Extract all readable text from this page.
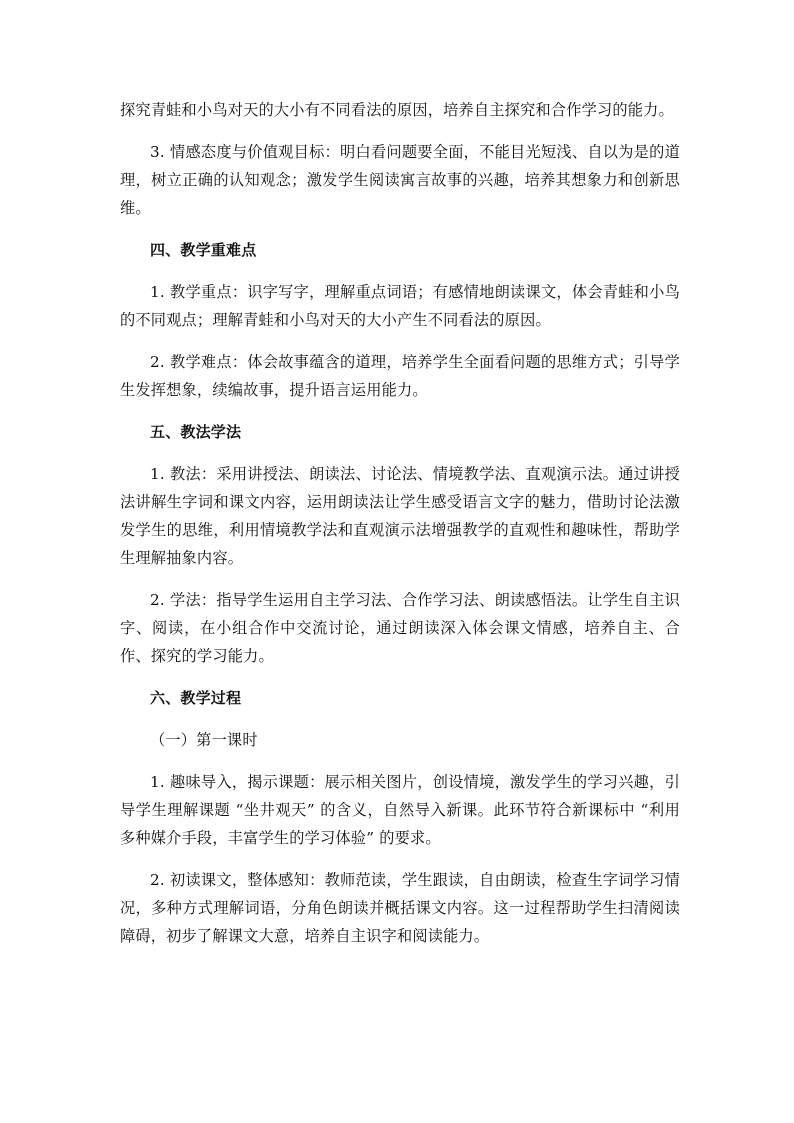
探究青蛙和小鸟对天的大小有不同看法的原因，培养自主探究和合作学习的能力。

3. 情感态度与价值观目标：明白看问题要全面，不能目光短浅、自以为是的道理，树立正确的认知观念；激发学生阅读寓言故事的兴趣，培养其想象力和创新思维。

四、教学重难点

1. 教学重点：识字写字，理解重点词语；有感情地朗读课文，体会青蛙和小鸟的不同观点；理解青蛙和小鸟对天的大小产生不同看法的原因。

2. 教学难点：体会故事蕴含的道理，培养学生全面看问题的思维方式；引导学生发挥想象，续编故事，提升语言运用能力。

五、教法学法

1. 教法：采用讲授法、朗读法、讨论法、情境教学法、直观演示法。通过讲授法讲解生字词和课文内容，运用朗读法让学生感受语言文字的魅力，借助讨论法激发学生的思维，利用情境教学法和直观演示法增强教学的直观性和趣味性，帮助学生理解抽象内容。

2. 学法：指导学生运用自主学习法、合作学习法、朗读感悟法。让学生自主识字、阅读，在小组合作中交流讨论，通过朗读深入体会课文情感，培养自主、合作、探究的学习能力。

六、教学过程

（一）第一课时

1. 趣味导入，揭示课题：展示相关图片，创设情境，激发学生的学习兴趣，引导学生理解课题 “坐井观天” 的含义，自然导入新课。此环节符合新课标中 “利用多种媒介手段，丰富学生的学习体验” 的要求。

2. 初读课文，整体感知：教师范读，学生跟读，自由朗读，检查生字词学习情况，多种方式理解词语，分角色朗读并概括课文内容。这一过程帮助学生扫清阅读障碍，初步了解课文大意，培养自主识字和阅读能力。
